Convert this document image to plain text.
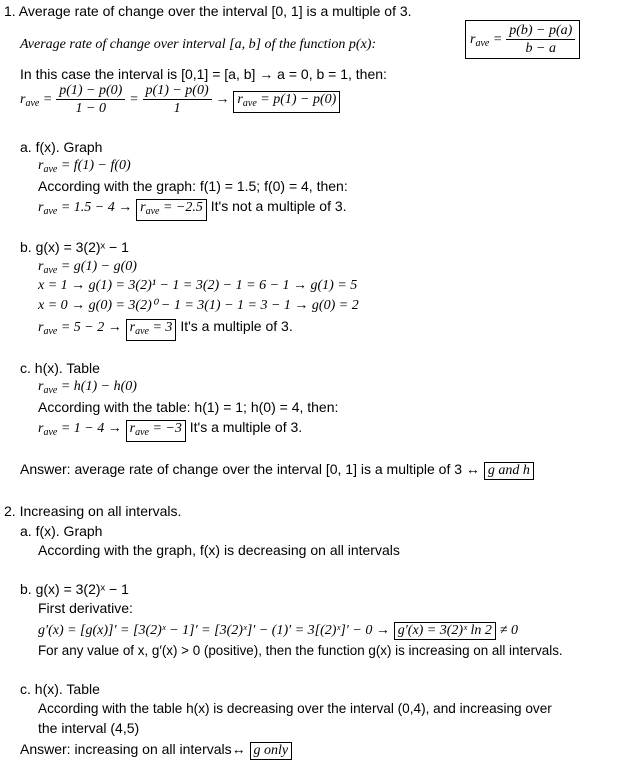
1. Average rate of change over the interval [0, 1] is a multiple of 3.
Average rate of change over interval [a, b] of the function p(x):	$r_{ave} = \frac{p(b) - p(a)}{b - a}$
In this case the interval is [0,1] = [a, b] → a = 0, b = 1, then:
$r_{ave} = \frac{p(1) - p(0)}{1 - 0} = \frac{p(1) - p(0)}{1} \to r_{ave} = p(1) - p(0)$
a. f(x). Graph
$r_{ave} = f(1) - f(0)$
According with the graph: f(1) = 1.5; f(0) = 4, then:
$r_{ave} = 1.5 - 4 \to r_{ave} = -2.5$ It's not a multiple of 3.
b. g(x) = 3(2)ˣ − 1
$r_{ave} = g(1) - g(0)$
x = 1 → g(1) = 3(2)¹ − 1 = 3(2) − 1 = 6 − 1 → g(1) = 5
x = 0 → g(0) = 3(2)⁰ − 1 = 3(1) − 1 = 3 − 1 → g(0) = 2
$r_{ave} = 5 - 2 \to r_{ave} = 3$ It's a multiple of 3.
c. h(x). Table
$r_{ave} = h(1) - h(0)$
According with the table: h(1) = 1; h(0) = 4, then:
$r_{ave} = 1 - 4 \to r_{ave} = -3$ It's a multiple of 3.
Answer: average rate of change over the interval [0, 1] is a multiple of 3 ↔ g and h
2. Increasing on all intervals.
a. f(x). Graph
According with the graph, f(x) is decreasing on all intervals
b. g(x) = 3(2)ˣ − 1
First derivative:
g′(x) = [g(x)]′ = [3(2)ˣ − 1]′ = [3(2)ˣ]′ − (1)′ = 3[(2)ˣ]′ − 0 → g′(x) = 3(2)ˣ ln 2 ≠ 0
For any value of x, g′(x) > 0 (positive), then the function g(x) is increasing on all intervals.
c. h(x). Table
According with the table h(x) is decreasing over the interval (0,4), and increasing over
the interval (4,5)
Answer: increasing on all intervals↔ g only
